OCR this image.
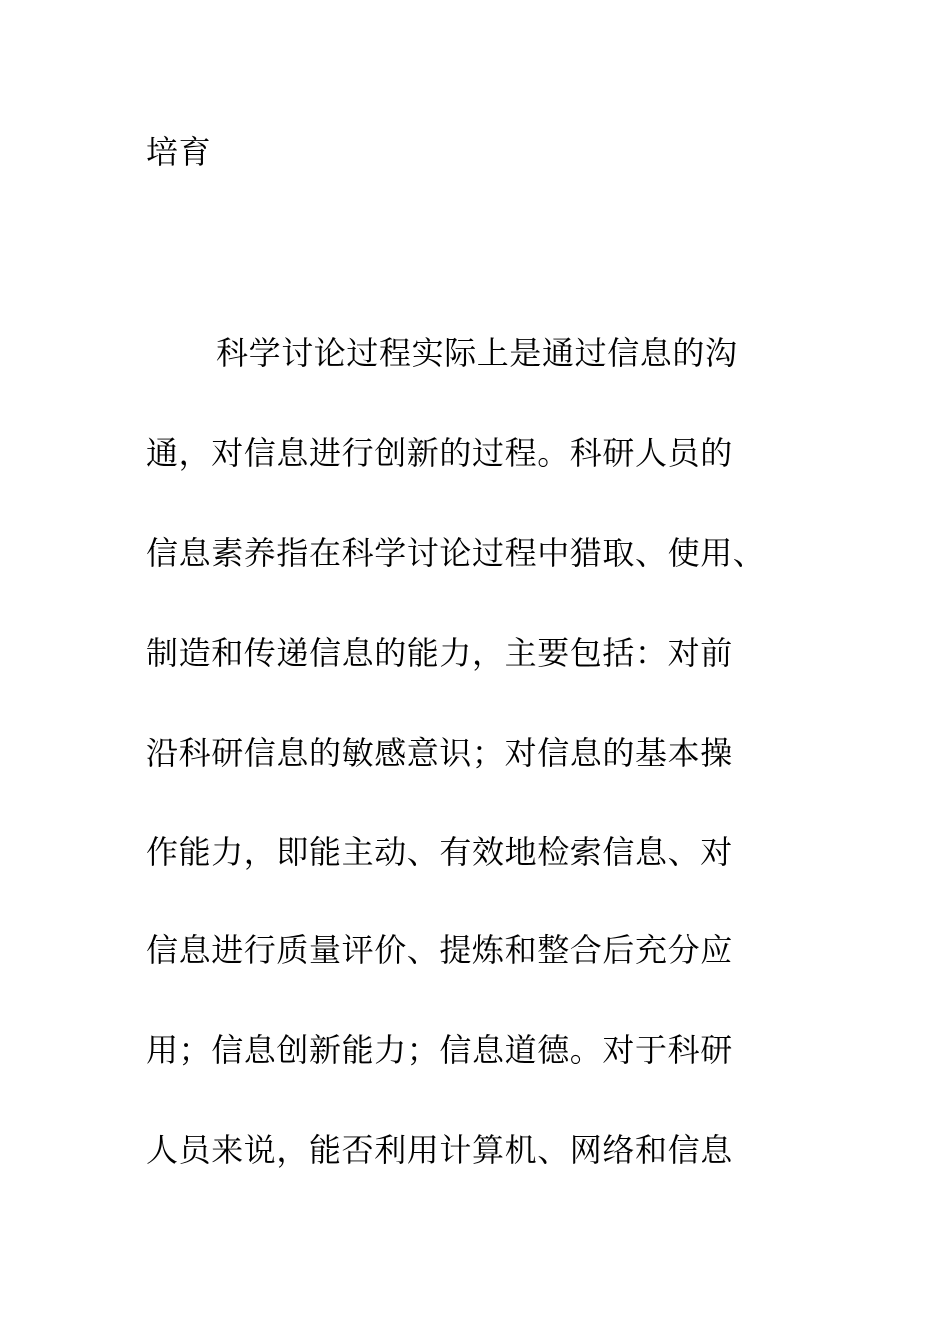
培育
科学讨论过程实际上是通过信息的沟
通，对信息进行创新的过程。科研人员的
信息素养指在科学讨论过程中猎取、使用、
制造和传递信息的能力，主要包括：对前
沿科研信息的敏感意识；对信息的基本操
作能力，即能主动、有效地检索信息、对
信息进行质量评价、提炼和整合后充分应
用；信息创新能力；信息道德。对于科研
人员来说，能否利用计算机、网络和信息
